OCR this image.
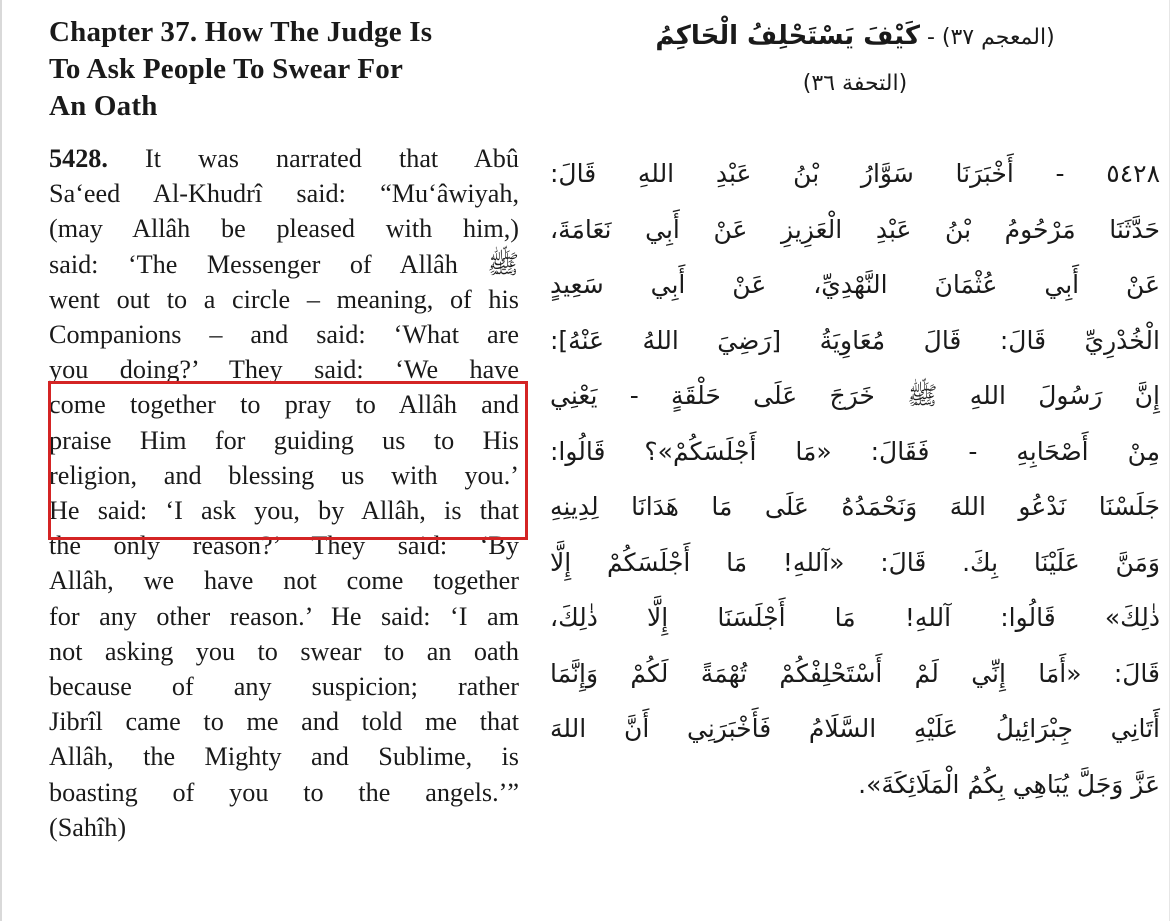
Chapter 37. How The Judge Is
To Ask People To Swear For
An Oath
5428. It was narrated that Abû
Sa‘eed Al-Khudrî said: “Mu‘âwiyah,
(may Allâh be pleased with him,)
said: ‘The Messenger of Allâh ﷺ
went out to a circle – meaning, of his
Companions – and said: ‘What are
you doing?’ They said: ‘We have
come together to pray to Allâh and
praise Him for guiding us to His
religion, and blessing us with you.’
He said: ‘I ask you, by Allâh, is that
the only reason?’ They said: ‘By
Allâh, we have not come together
for any other reason.’ He said: ‘I am
not asking you to swear to an oath
because of any suspicion; rather
Jibrîl came to me and told me that
Allâh, the Mighty and Sublime, is
boasting of you to the angels.’”
(Sahîh)
(المعجم ٣٧) - كَيْفَ يَسْتَحْلِفُ الْحَاكِمُ
(التحفة ٣٦)
٥٤٢٨ - أَخْبَرَنَا سَوَّارُ بْنُ عَبْدِ اللهِ قَالَ:
حَدَّثَنَا مَرْحُومُ بْنُ عَبْدِ الْعَزِيزِ عَنْ أَبِي نَعَامَةَ،
عَنْ أَبِي عُثْمَانَ النَّهْدِيِّ، عَنْ أَبِي سَعِيدٍ
الْخُدْرِيِّ قَالَ: قَالَ مُعَاوِيَةُ [رَضِيَ اللهُ عَنْهُ]:
إِنَّ رَسُولَ اللهِ ﷺ خَرَجَ عَلَى حَلْقَةٍ - يَعْنِي
مِنْ أَصْحَابِهِ - فَقَالَ: «مَا أَجْلَسَكُمْ»؟ قَالُوا:
جَلَسْنَا نَدْعُو اللهَ وَنَحْمَدُهُ عَلَى مَا هَدَانَا لِدِينِهِ
وَمَنَّ عَلَيْنَا بِكَ. قَالَ: «آللهِ! مَا أَجْلَسَكُمْ إِلَّا
ذٰلِكَ» قَالُوا: آللهِ! مَا أَجْلَسَنَا إِلَّا ذٰلِكَ،
قَالَ: «أَمَا إِنِّي لَمْ أَسْتَحْلِفْكُمْ تُهْمَةً لَكُمْ وَإِنَّمَا
أَتَانِي جِبْرَائِيلُ عَلَيْهِ السَّلَامُ فَأَخْبَرَنِي أَنَّ اللهَ
عَزَّ وَجَلَّ يُبَاهِي بِكُمُ الْمَلَائِكَةَ».
